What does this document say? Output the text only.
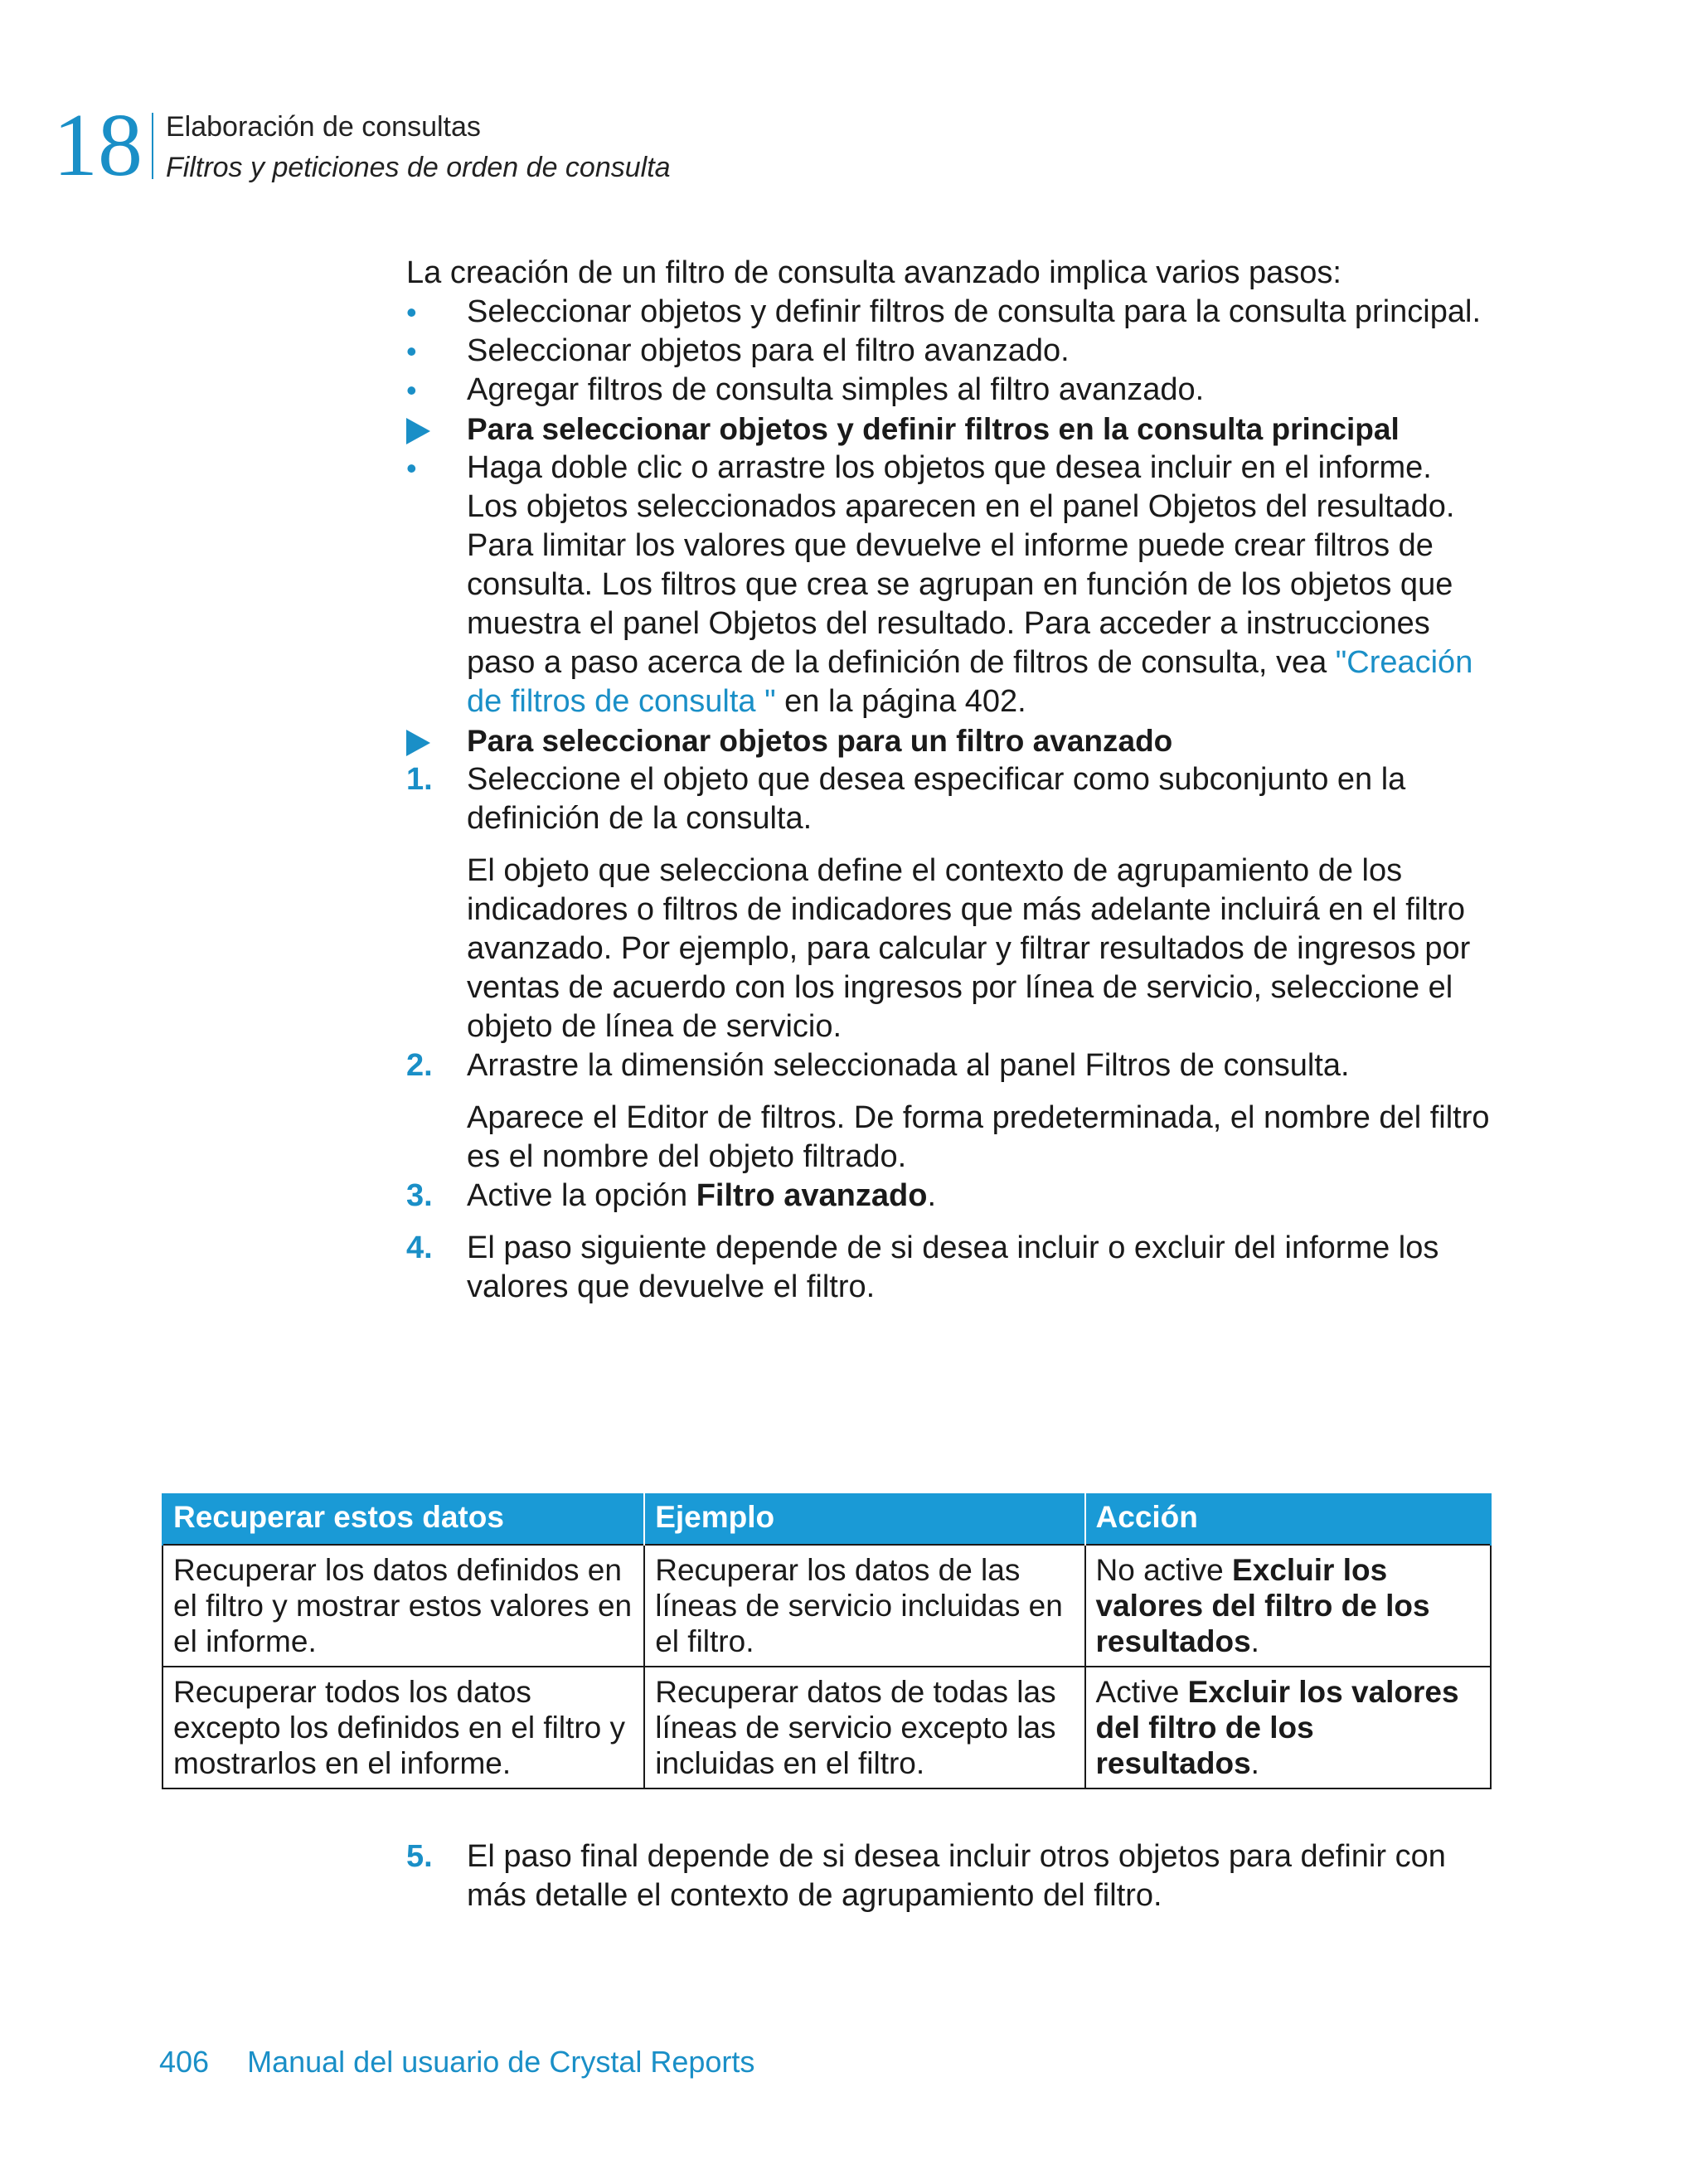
18 Elaboración de consultas
Filtros y peticiones de orden de consulta

La creación de un filtro de consulta avanzado implica varios pasos:

• Seleccionar objetos y definir filtros de consulta para la consulta principal.

• Seleccionar objetos para el filtro avanzado.

• Agregar filtros de consulta simples al filtro avanzado.

Para seleccionar objetos y definir filtros en la consulta principal

• Haga doble clic o arrastre los objetos que desea incluir en el informe.

Los objetos seleccionados aparecen en el panel Objetos del resultado.

Para limitar los valores que devuelve el informe puede crear filtros de consulta. Los filtros que crea se agrupan en función de los objetos que muestra el panel Objetos del resultado. Para acceder a instrucciones paso a paso acerca de la definición de filtros de consulta, vea "Creación de filtros de consulta " en la página 402.

Para seleccionar objetos para un filtro avanzado

1. Seleccione el objeto que desea especificar como subconjunto en la definición de la consulta.

El objeto que selecciona define el contexto de agrupamiento de los indicadores o filtros de indicadores que más adelante incluirá en el filtro avanzado. Por ejemplo, para calcular y filtrar resultados de ingresos por ventas de acuerdo con los ingresos por línea de servicio, seleccione el objeto de línea de servicio.

2. Arrastre la dimensión seleccionada al panel Filtros de consulta.

Aparece el Editor de filtros. De forma predeterminada, el nombre del filtro es el nombre del objeto filtrado.

3. Active la opción Filtro avanzado.

4. El paso siguiente depende de si desea incluir o excluir del informe los valores que devuelve el filtro.

Recuperar estos datos	Ejemplo	Acción
Recuperar los datos definidos en el filtro y mostrar estos valores en el informe.	Recuperar los datos de las líneas de servicio incluidas en el filtro.	No active Excluir los valores del filtro de los resultados.
Recuperar todos los datos excepto los definidos en el filtro y mostrarlos en el informe.	Recuperar datos de todas las líneas de servicio excepto las incluidas en el filtro.	Active Excluir los valores del filtro de los resultados.
5. El paso final depende de si desea incluir otros objetos para definir con más detalle el contexto de agrupamiento del filtro.

406 Manual del usuario de Crystal Reports
